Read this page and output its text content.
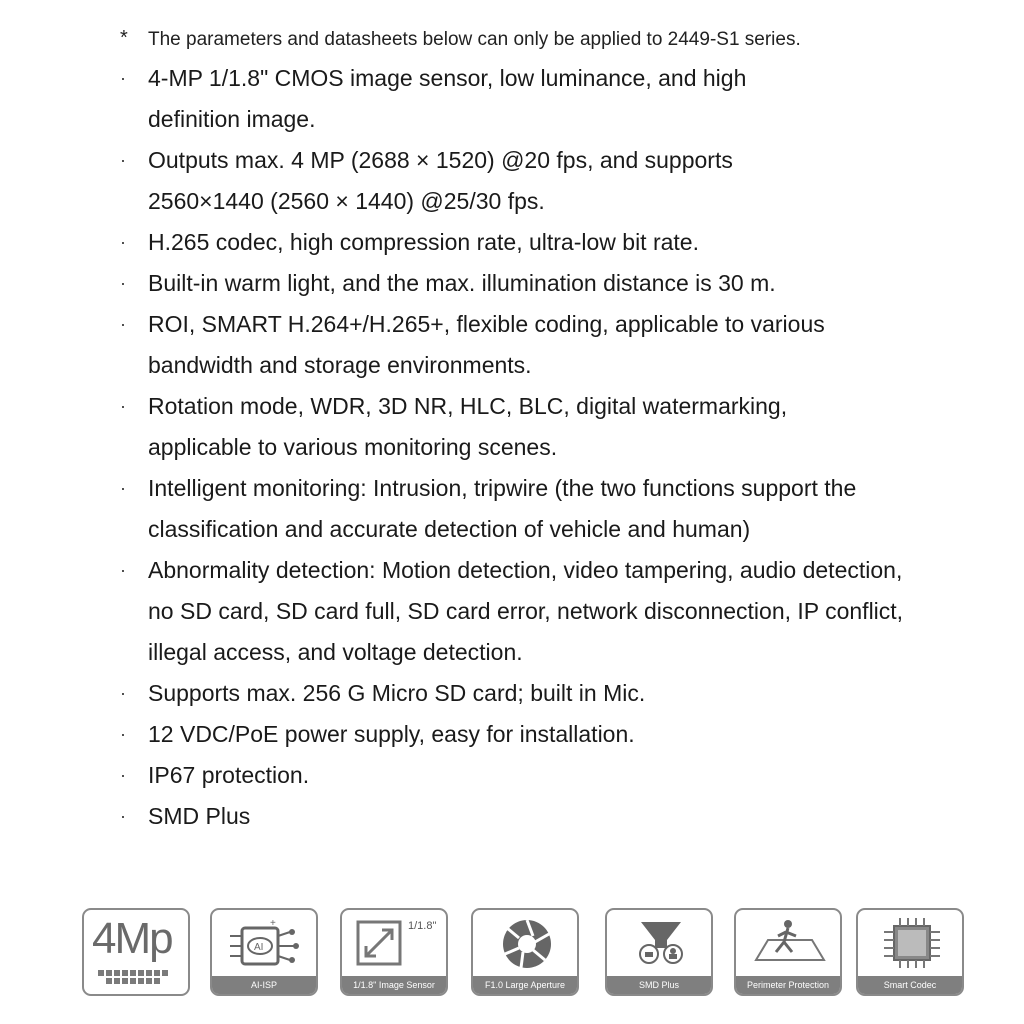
* The parameters and datasheets below can only be applied to 2449-S1 series.
· 4-MP 1/1.8" CMOS image sensor, low luminance, and high definition image.
· Outputs max. 4 MP (2688 × 1520) @20 fps, and supports 2560×1440 (2560 × 1440) @25/30 fps.
· H.265 codec, high compression rate, ultra-low bit rate.
· Built-in warm light, and the max. illumination distance is 30 m.
· ROI, SMART H.264+/H.265+, flexible coding, applicable to various bandwidth and storage environments.
· Rotation mode, WDR, 3D NR, HLC, BLC, digital watermarking, applicable to various monitoring scenes.
· Intelligent monitoring: Intrusion, tripwire (the two functions support the classification and accurate detection of vehicle and human)
· Abnormality detection: Motion detection, video tampering, audio detection, no SD card, SD card full, SD card error, network disconnection, IP conflict, illegal access, and voltage detection.
· Supports max. 256 G Micro SD card; built in Mic.
· 12 VDC/PoE power supply, easy for installation.
· IP67 protection.
· SMD Plus
4Mp	AI
+
AI-ISP
1/1.8"
1/1.8" Image Sensor	F1.0 Large Aperture	SMD Plus	Perimeter Protection	Smart Codec
